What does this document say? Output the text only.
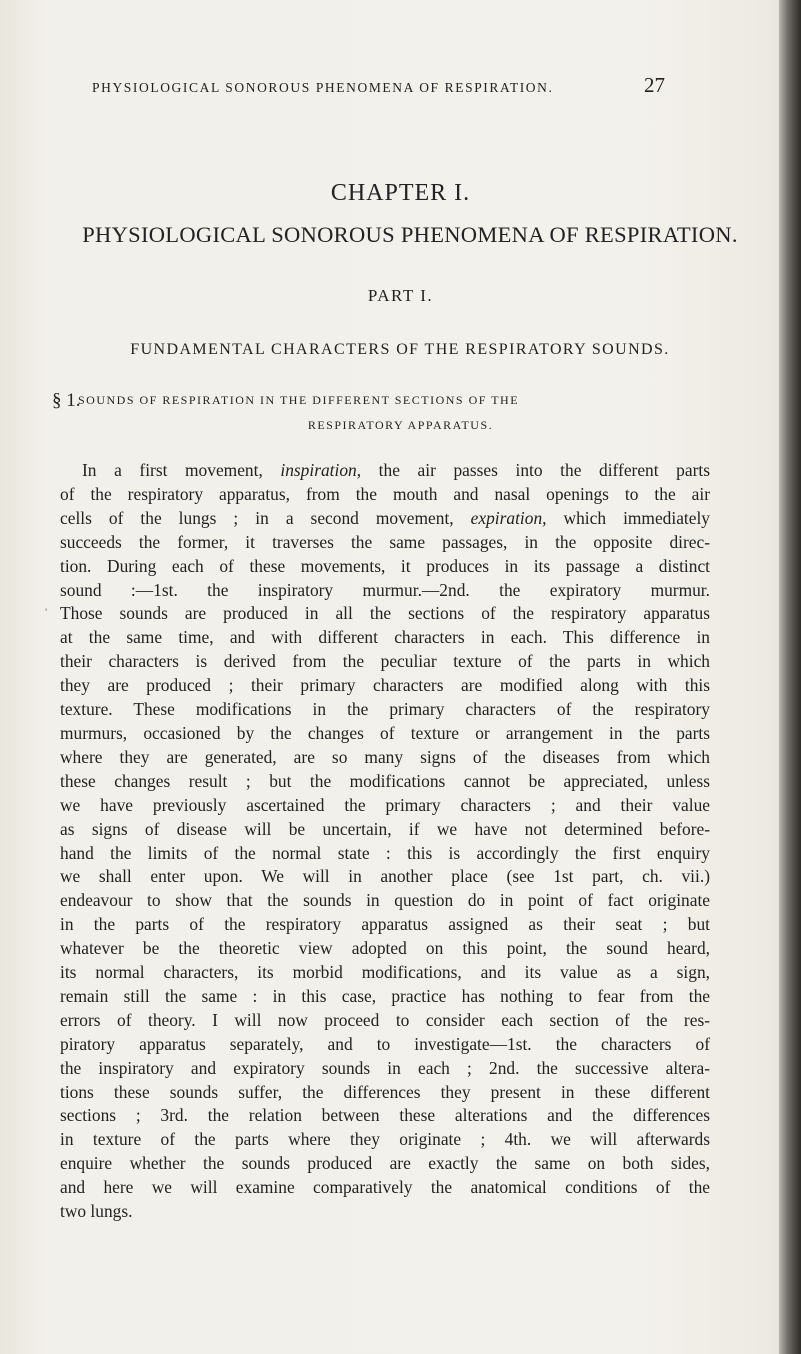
PHYSIOLOGICAL SONOROUS PHENOMENA OF RESPIRATION.	27
CHAPTER I.
PHYSIOLOGICAL SONOROUS PHENOMENA OF RESPIRATION.
PART I.
FUNDAMENTAL CHARACTERS OF THE RESPIRATORY SOUNDS.
§ 1.
SOUNDS OF RESPIRATION IN THE DIFFERENT SECTIONS OF THE
RESPIRATORY APPARATUS.
'
In a first movement, inspiration, the air passes into the different parts
of the respiratory apparatus, from the mouth and nasal openings to the air
cells of the lungs ; in a second movement, expiration, which immediately
succeeds the former, it traverses the same passages, in the opposite direc-
tion. During each of these movements, it produces in its passage a distinct
sound :—1st. the inspiratory murmur.—2nd. the expiratory murmur.
Those sounds are produced in all the sections of the respiratory apparatus
at the same time, and with different characters in each. This difference in
their characters is derived from the peculiar texture of the parts in which
they are produced ; their primary characters are modified along with this
texture. These modifications in the primary characters of the respiratory
murmurs, occasioned by the changes of texture or arrangement in the parts
where they are generated, are so many signs of the diseases from which
these changes result ; but the modifications cannot be appreciated, unless
we have previously ascertained the primary characters ; and their value
as signs of disease will be uncertain, if we have not determined before-
hand the limits of the normal state : this is accordingly the first enquiry
we shall enter upon. We will in another place (see 1st part, ch. vii.)
endeavour to show that the sounds in question do in point of fact originate
in the parts of the respiratory apparatus assigned as their seat ; but
whatever be the theoretic view adopted on this point, the sound heard,
its normal characters, its morbid modifications, and its value as a sign,
remain still the same : in this case, practice has nothing to fear from the
errors of theory. I will now proceed to consider each section of the res-
piratory apparatus separately, and to investigate—1st. the characters of
the inspiratory and expiratory sounds in each ; 2nd. the successive altera-
tions these sounds suffer, the differences they present in these different
sections ; 3rd. the relation between these alterations and the differences
in texture of the parts where they originate ; 4th. we will afterwards
enquire whether the sounds produced are exactly the same on both sides,
and here we will examine comparatively the anatomical conditions of the
two lungs.
